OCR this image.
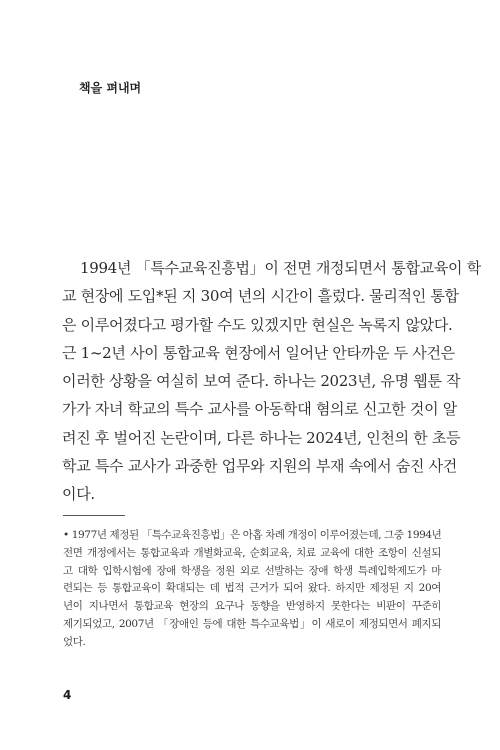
책을 펴내며
1994년 「특수교육진흥법」이 전면 개정되면서 통합교육이 학
교 현장에 도입*된 지 30여 년의 시간이 흘렀다. 물리적인 통합
은 이루어졌다고 평가할 수도 있겠지만 현실은 녹록지 않았다.
근 1~2년 사이 통합교육 현장에서 일어난 안타까운 두 사건은
이러한 상황을 여실히 보여 준다. 하나는 2023년, 유명 웹툰 작
가가 자녀 학교의 특수 교사를 아동학대 혐의로 신고한 것이 알
려진 후 벌어진 논란이며, 다른 하나는 2024년, 인천의 한 초등
학교 특수 교사가 과중한 업무와 지원의 부재 속에서 숨진 사건
이다.
• 1977년 제정된 「특수교육진흥법」은 아홉 차례 개정이 이루어졌는데, 그중 1994년
전면 개정에서는 통합교육과 개별화교육, 순회교육, 치료 교육에 대한 조항이 신설되
고 대학 입학시험에 장애 학생을 정원 외로 선발하는 장애 학생 특례입학제도가 마
련되는 등 통합교육이 확대되는 데 법적 근거가 되어 왔다. 하지만 제정된 지 20여
년이 지나면서 통합교육 현장의 요구나 동향을 반영하지 못한다는 비판이 꾸준히
제기되었고, 2007년 「장애인 등에 대한 특수교육법」이 새로이 제정되면서 폐지되
었다.
4
